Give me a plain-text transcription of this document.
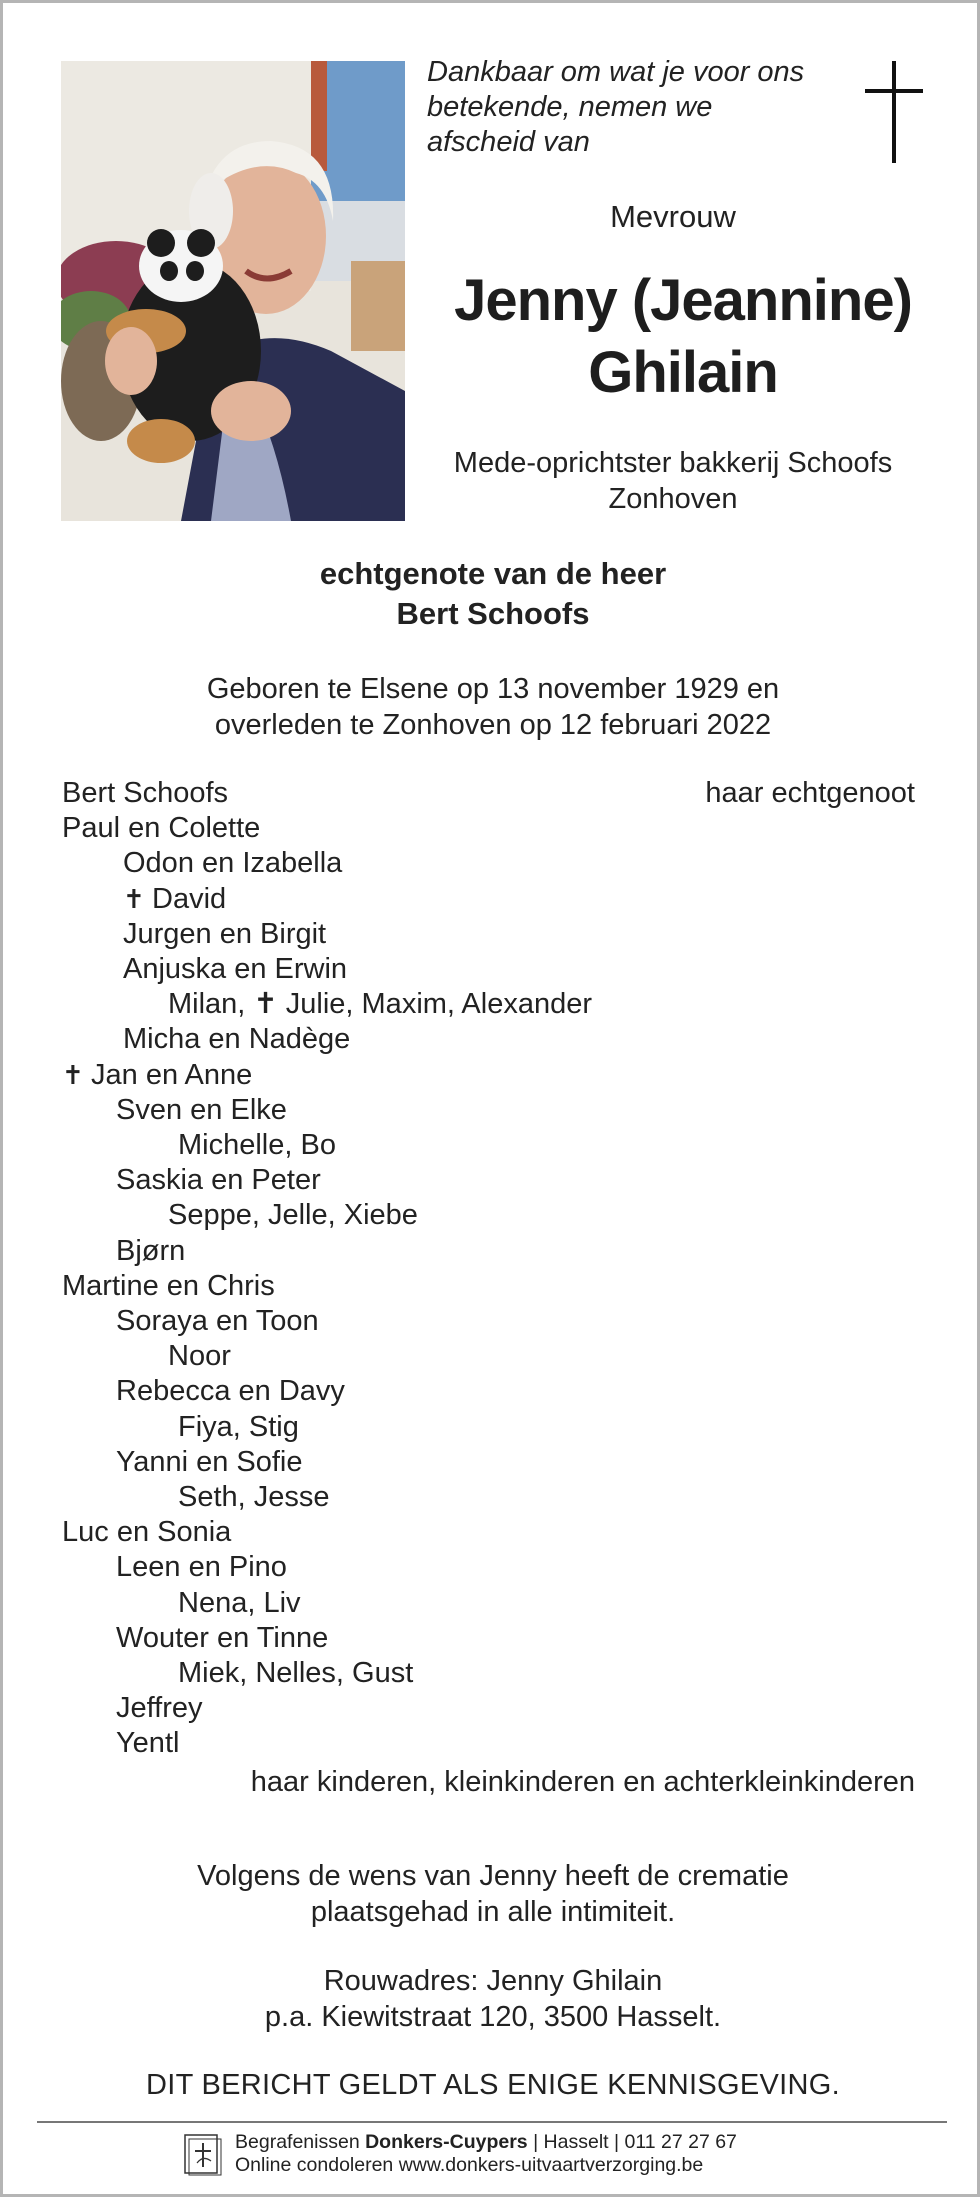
Dankbaar om wat je voor ons
betekende, nemen we
afscheid van
Mevrouw
Jenny (Jeannine)
Ghilain
Mede-oprichtster bakkerij Schoofs
Zonhoven
echtgenote van de heer
Bert Schoofs
Geboren te Elsene op 13 november 1929 en
overleden te Zonhoven op 12 februari 2022
Bert Schoofs
Paul en Colette
Odon en Izabella
✝ David
Jurgen en Birgit
Anjuska en Erwin
Milan, ✝ Julie, Maxim, Alexander
Micha en Nadège
✝ Jan en Anne
Sven en Elke
Michelle, Bo
Saskia en Peter
Seppe, Jelle, Xiebe
Bjørn
Martine en Chris
Soraya en Toon
Noor
Rebecca en Davy
Fiya, Stig
Yanni en Sofie
Seth, Jesse
Luc en Sonia
Leen en Pino
Nena, Liv
Wouter en Tinne
Miek, Nelles, Gust
Jeffrey
Yentl
haar echtgenoot
haar kinderen, kleinkinderen en achterkleinkinderen
Volgens de wens van Jenny heeft de crematie
plaatsgehad in alle intimiteit.
Rouwadres: Jenny Ghilain
p.a. Kiewitstraat 120, 3500 Hasselt.
DIT BERICHT GELDT ALS ENIGE KENNISGEVING.
Begrafenissen Donkers-Cuypers | Hasselt | 011 27 27 67
Online condoleren www.donkers-uitvaartverzorging.be
